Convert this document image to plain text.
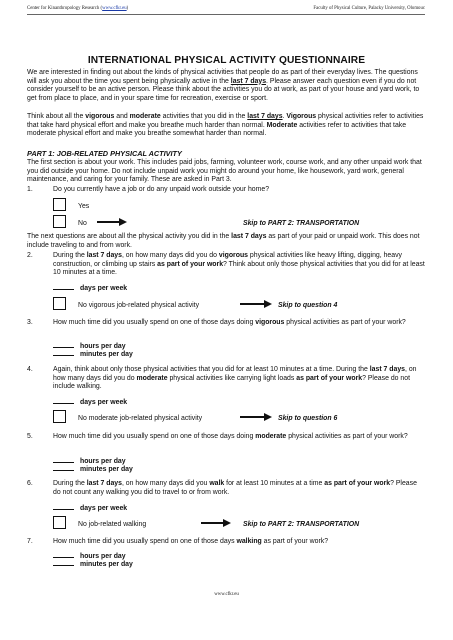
Center for Kinanthropology Research (www.cfkr.eu)	Faculty of Physical Culture, Palacky University, Olomouc
INTERNATIONAL PHYSICAL ACTIVITY QUESTIONNAIRE
We are interested in finding out about the kinds of physical activities that people do as part of their everyday lives. The questions will ask you about the time you spent being physically active in the last 7 days. Please answer each question even if you do not consider yourself to be an active person. Please think about the activities you do at work, as part of your house and yard work, to get from place to place, and in your spare time for recreation, exercise or sport.
Think about all the vigorous and moderate activities that you did in the last 7 days. Vigorous physical activities refer to activities that take hard physical effort and make you breathe much harder than normal. Moderate activities refer to activities that take moderate physical effort and make you breathe somewhat harder than normal.
PART 1: JOB-RELATED PHYSICAL ACTIVITY
The first section is about your work. This includes paid jobs, farming, volunteer work, course work, and any other unpaid work that you did outside your home. Do not include unpaid work you might do around your home, like housework, yard work, general maintenance, and caring for your family. These are asked in Part 3.
1.	Do you currently have a job or do any unpaid work outside your home?
Yes
No	Skip to PART 2: TRANSPORTATION
The next questions are about all the physical activity you did in the last 7 days as part of your paid or unpaid work. This does not include traveling to and from work.
2.	During the last 7 days, on how many days did you do vigorous physical activities like heavy lifting, digging, heavy construction, or climbing up stairs as part of your work? Think about only those physical activities that you did for at least 10 minutes at a time.
days per week
No vigorous job-related physical activity	Skip to question 4
3.	How much time did you usually spend on one of those days doing vigorous physical activities as part of your work?
hours per day
minutes per day
4.	Again, think about only those physical activities that you did for at least 10 minutes at a time. During the last 7 days, on how many days did you do moderate physical activities like carrying light loads as part of your work? Please do not include walking.
days per week
No moderate job-related physical activity	Skip to question 6
5.	How much time did you usually spend on one of those days doing moderate physical activities as part of your work?
hours per day
minutes per day
6.	During the last 7 days, on how many days did you walk for at least 10 minutes at a time as part of your work? Please do not count any walking you did to travel to or from work.
days per week
No job-related walking	Skip to PART 2: TRANSPORTATION
7.	How much time did you usually spend on one of those days walking as part of your work?
hours per day
minutes per day
www.cfkr.eu
